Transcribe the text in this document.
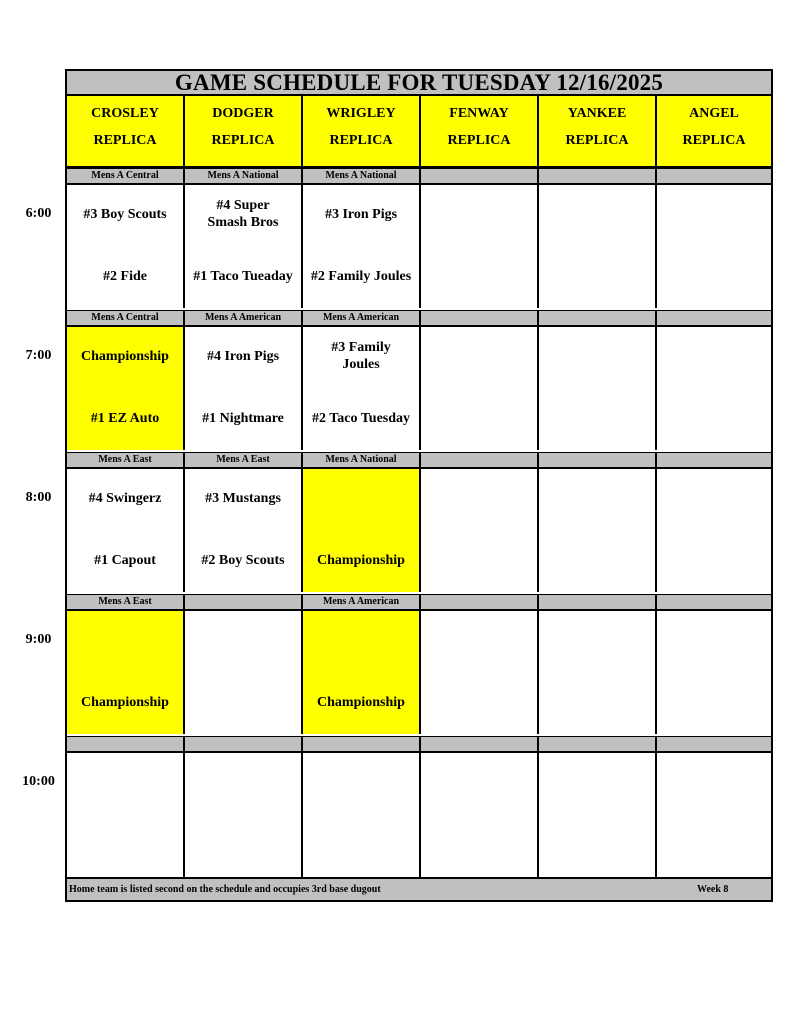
6:00
7:00
8:00
9:00
10:00
GAME SCHEDULE FOR TUESDAY 12/16/2025
CROSLEY
REPLICA
DODGER
REPLICA
WRIGLEY
REPLICA
FENWAY
REPLICA
YANKEE
REPLICA
ANGEL
REPLICA
Mens A Central
#3 Boy Scouts
#2 Fide
Mens A National
#4 Super Smash Bros
#1 Taco Tueaday
Mens A National
#3 Iron Pigs
#2 Family Joules
Mens A Central
Championship
#1 EZ Auto
Mens A American
#4 Iron Pigs
#1 Nightmare
Mens A American
#3 Family Joules
#2 Taco Tuesday
Mens A East
#4 Swingerz
#1 Capout
Mens A East
#3 Mustangs
#2 Boy Scouts
Mens A National
Championship
Mens A East
Championship
Mens A American
Championship
Home team is listed second on the schedule and occupies 3rd base dugout	Week 8
